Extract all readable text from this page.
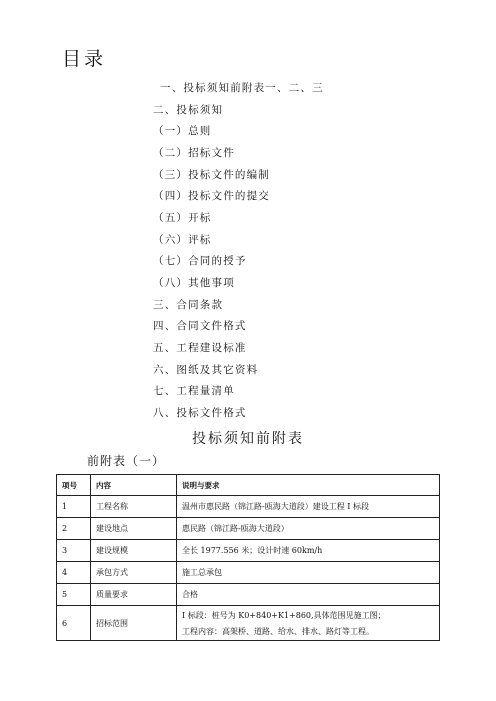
目录
一、投标须知前附表一、二、三
二、投标须知
（一）总则
（二）招标文件
（三）投标文件的编制
（四）投标文件的提交
（五）开标
（六）评标
（七）合同的授予
（八）其他事项
三、合同条款
四、合同文件格式
五、工程建设标准
六、图纸及其它资料
七、工程量清单
八、投标文件格式
投标须知前附表
前附表（一）
项号	内容	说明与要求
1	工程名称	温州市惠民路（锦江路-瓯海大道段）建设工程 I 标段
2	建设地点	惠民路（锦江路-瓯海大道段）
3	建设规模	全长 1977.556 米；设计时速 60km/h
4	承包方式	施工总承包
5	质量要求	合格
6	招标范围	I 标段：桩号为 K0+840+K1+860,具体范围见施工图；
工程内容：高架桥、道路、给水、排水、路灯等工程。
